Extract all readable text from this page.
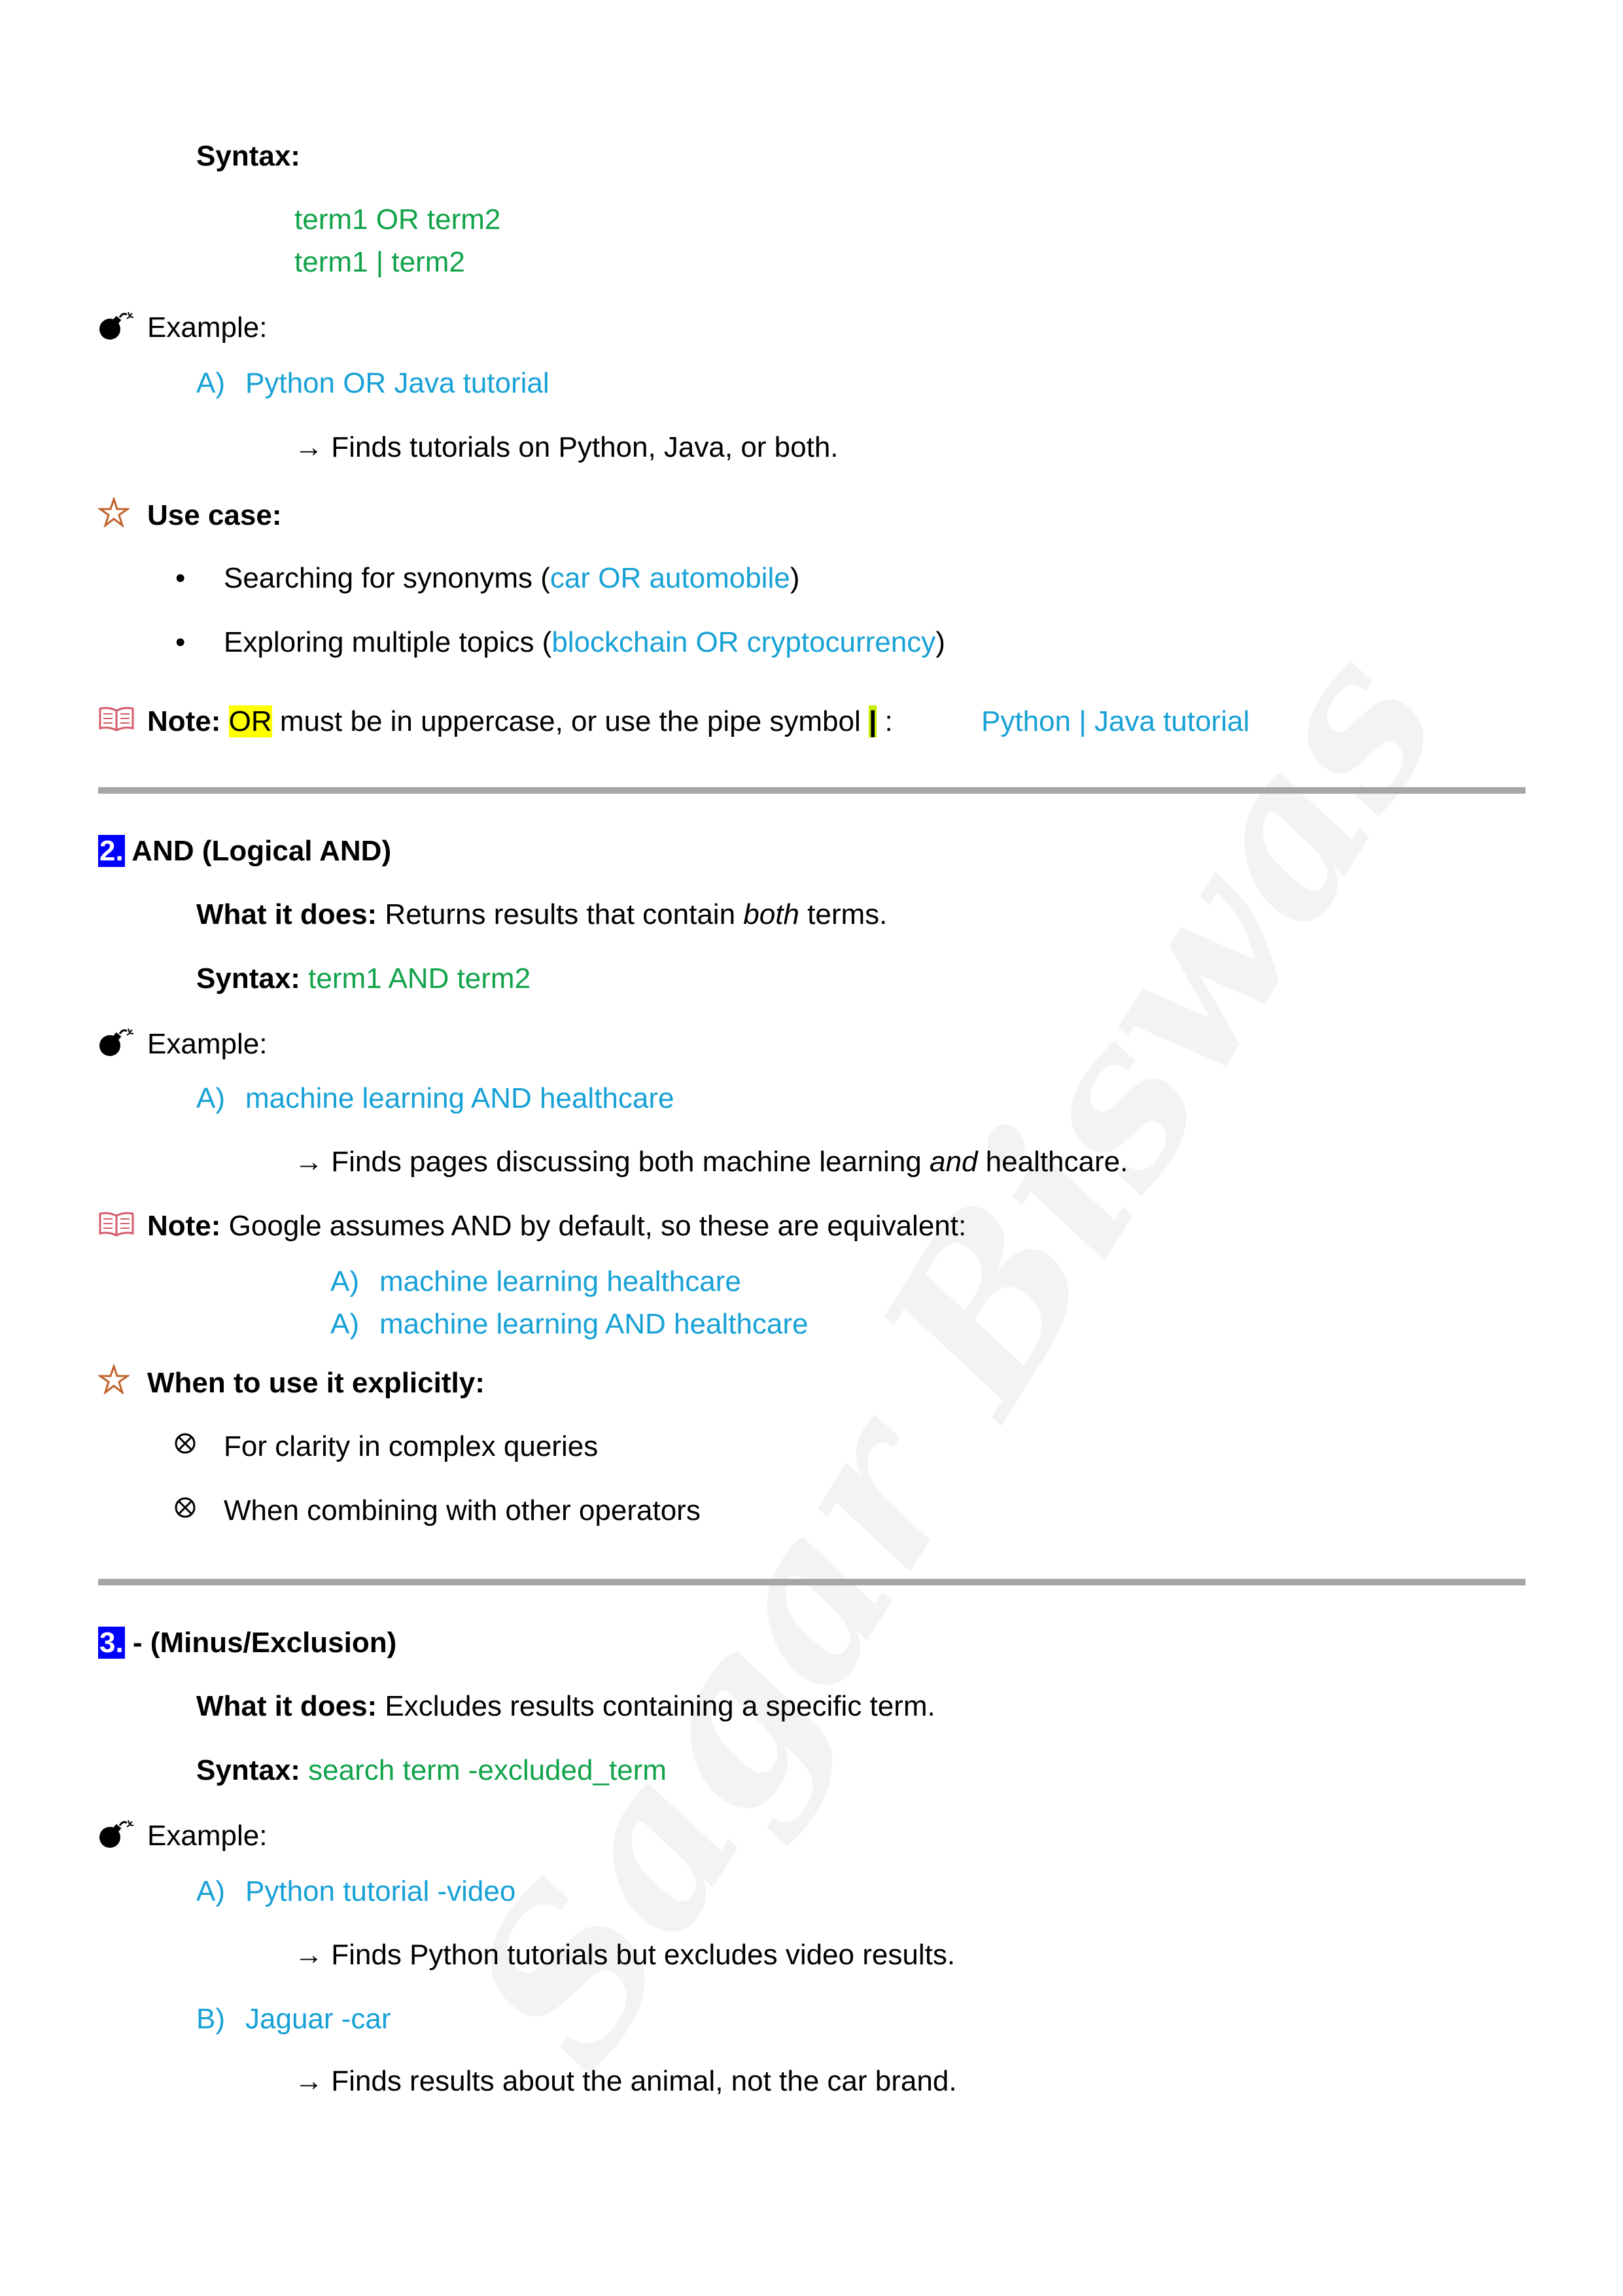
Syntax:
term1 OR term2
term1 | term2
Example:
A) Python OR Java tutorial
→ Finds tutorials on Python, Java, or both.
Use case:
• Searching for synonyms (car OR automobile)
• Exploring multiple topics (blockchain OR cryptocurrency)
Note: OR must be in uppercase, or use the pipe symbol | :	Python | Java tutorial
2. AND (Logical AND)
What it does: Returns results that contain both terms.
Syntax: term1 AND term2
Example:
A) machine learning AND healthcare
→ Finds pages discussing both machine learning and healthcare.
Note: Google assumes AND by default, so these are equivalent:
A) machine learning healthcare
A) machine learning AND healthcare
When to use it explicitly:
For clarity in complex queries
When combining with other operators
3. - (Minus/Exclusion)
What it does: Excludes results containing a specific term.
Syntax: search term -excluded_term
Example:
A) Python tutorial -video
→ Finds Python tutorials but excludes video results.
B) Jaguar -car
→ Finds results about the animal, not the car brand.
